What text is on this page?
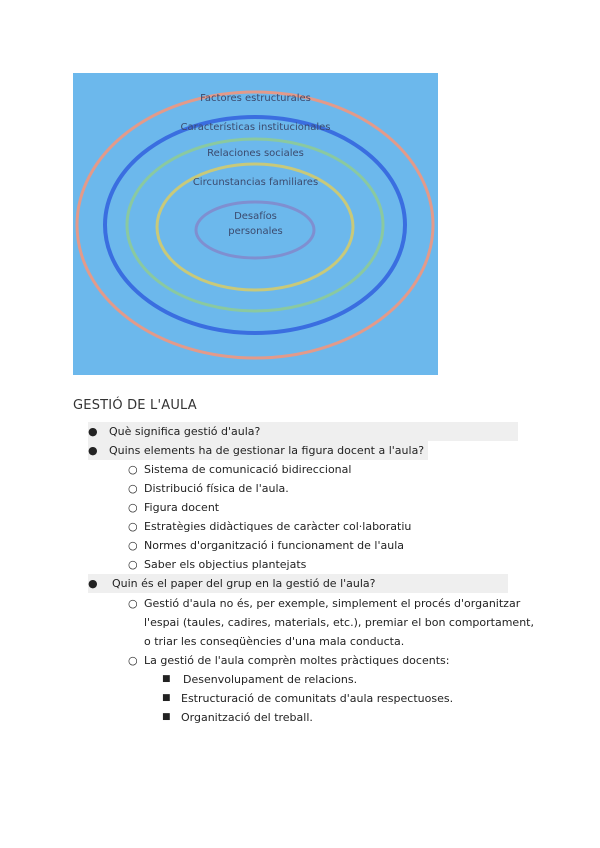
Factores estructurales
Características institucionales
Relaciones sociales
Circunstancias familiares
Desafíos
personales
GESTIÓ DE L'AULA
● Què significa gestió d'aula?
● Quins elements ha de gestionar la figura docent a l'aula?
○ Sistema de comunicació bidireccional
○ Distribució física de l'aula.
○ Figura docent
○ Estratègies didàctiques de caràcter col·laboratiu
○ Normes d'organització i funcionament de l'aula
○ Saber els objectius plantejats
● Quin és el paper del grup en la gestió de l'aula?
○ Gestió d'aula no és, per exemple, simplement el procés d'organitzar
l'espai (taules, cadires, materials, etc.), premiar el bon comportament,
o triar les conseqüències d'una mala conducta.
○ La gestió de l'aula comprèn moltes pràctiques docents:
■ Desenvolupament de relacions.
■ Estructuració de comunitats d'aula respectuoses.
■ Organització del treball.
